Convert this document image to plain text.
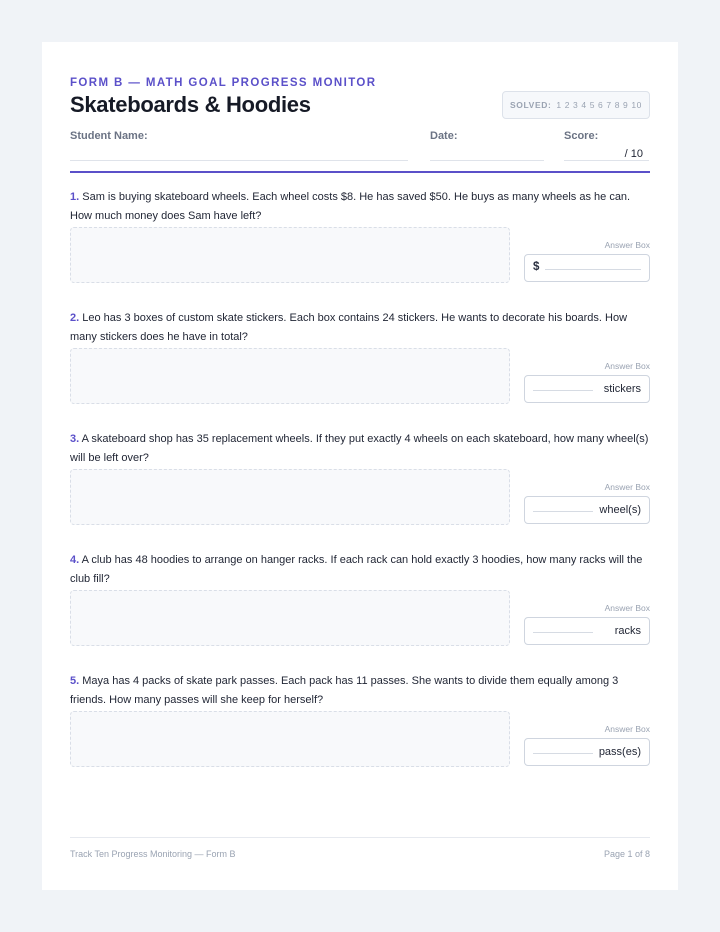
FORM B — MATH GOAL PROGRESS MONITOR
Skateboards & Hoodies	SOLVED: 1 2 3 4 5 6 7 8 9 10
Student Name:	Date:	Score:
/ 10
1. Sam is buying skateboard wheels. Each wheel costs $8. He has saved $50. He buys as many wheels as he can. How much money does Sam have left?
Answer Box
$
2. Leo has 3 boxes of custom skate stickers. Each box contains 24 stickers. He wants to decorate his boards. How many stickers does he have in total?
Answer Box
stickers
3. A skateboard shop has 35 replacement wheels. If they put exactly 4 wheels on each skateboard, how many wheel(s) will be left over?
Answer Box
wheel(s)
4. A club has 48 hoodies to arrange on hanger racks. If each rack can hold exactly 3 hoodies, how many racks will the club fill?
Answer Box
racks
5. Maya has 4 packs of skate park passes. Each pack has 11 passes. She wants to divide them equally among 3 friends. How many passes will she keep for herself?
Answer Box
pass(es)
Track Ten Progress Monitoring — Form B	Page 1 of 8
